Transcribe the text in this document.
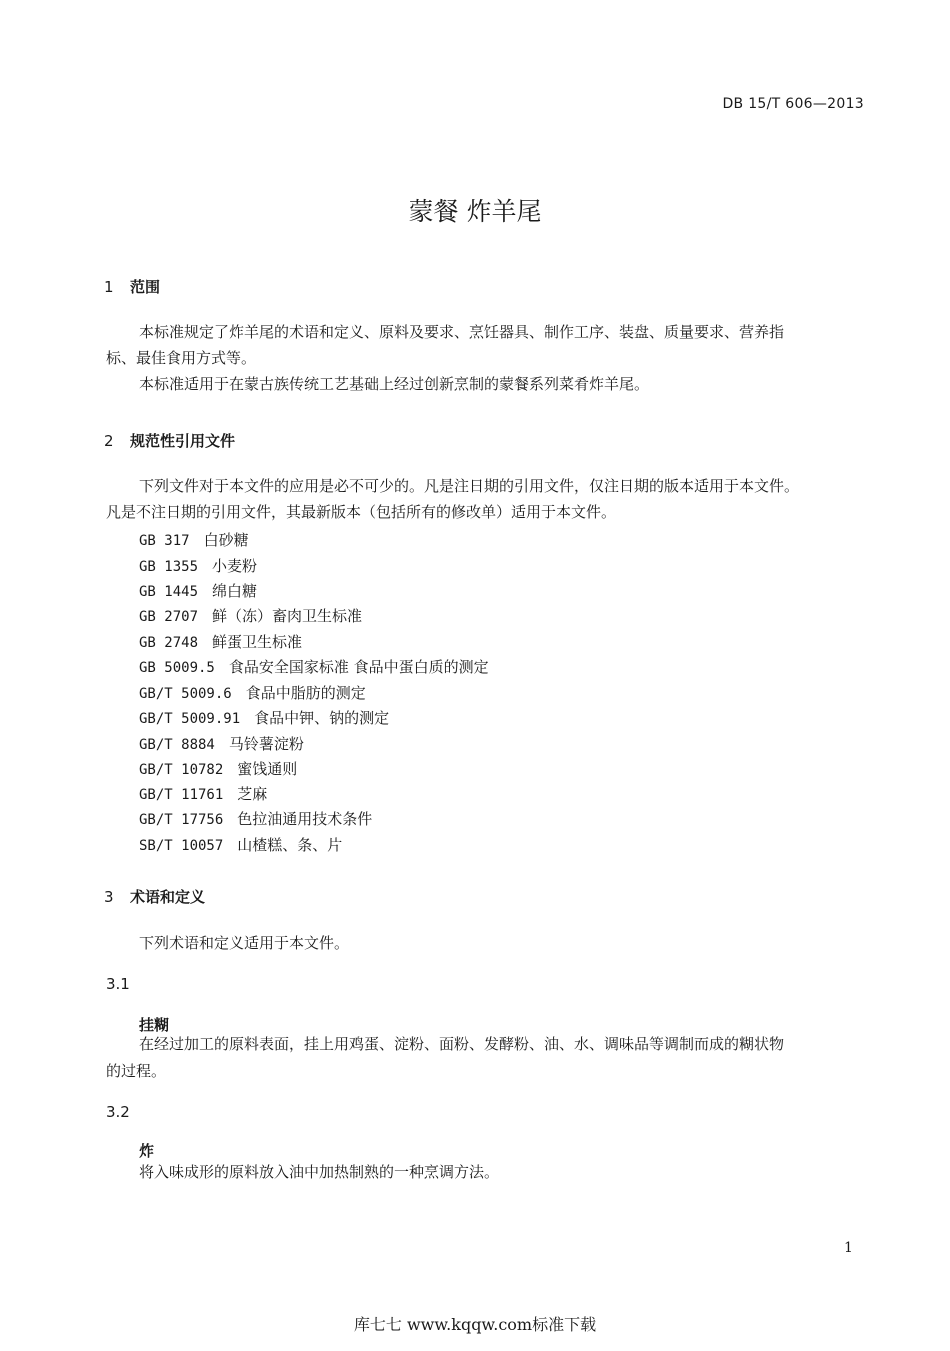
DB 15/T 606—2013
蒙餐 炸羊尾
1 范围
本标准规定了炸羊尾的术语和定义、原料及要求、烹饪器具、制作工序、装盘、质量要求、营养指
标、最佳食用方式等。
本标准适用于在蒙古族传统工艺基础上经过创新烹制的蒙餐系列菜肴炸羊尾。
2 规范性引用文件
下列文件对于本文件的应用是必不可少的。凡是注日期的引用文件，仅注日期的版本适用于本文件。
凡是不注日期的引用文件，其最新版本（包括所有的修改单）适用于本文件。
GB 317 白砂糖
GB 1355 小麦粉
GB 1445 绵白糖
GB 2707 鲜（冻）畜肉卫生标准
GB 2748 鲜蛋卫生标准
GB 5009.5 食品安全国家标准 食品中蛋白质的测定
GB/T 5009.6 食品中脂肪的测定
GB/T 5009.91 食品中钾、钠的测定
GB/T 8884 马铃薯淀粉
GB/T 10782 蜜饯通则
GB/T 11761 芝麻
GB/T 17756 色拉油通用技术条件
SB/T 10057 山楂糕、条、片
3 术语和定义
下列术语和定义适用于本文件。
3.1
挂糊
在经过加工的原料表面，挂上用鸡蛋、淀粉、面粉、发酵粉、油、水、调味品等调制而成的糊状物
的过程。
3.2
炸
将入味成形的原料放入油中加热制熟的一种烹调方法。
1
库七七 www.kqqw.com标准下载
